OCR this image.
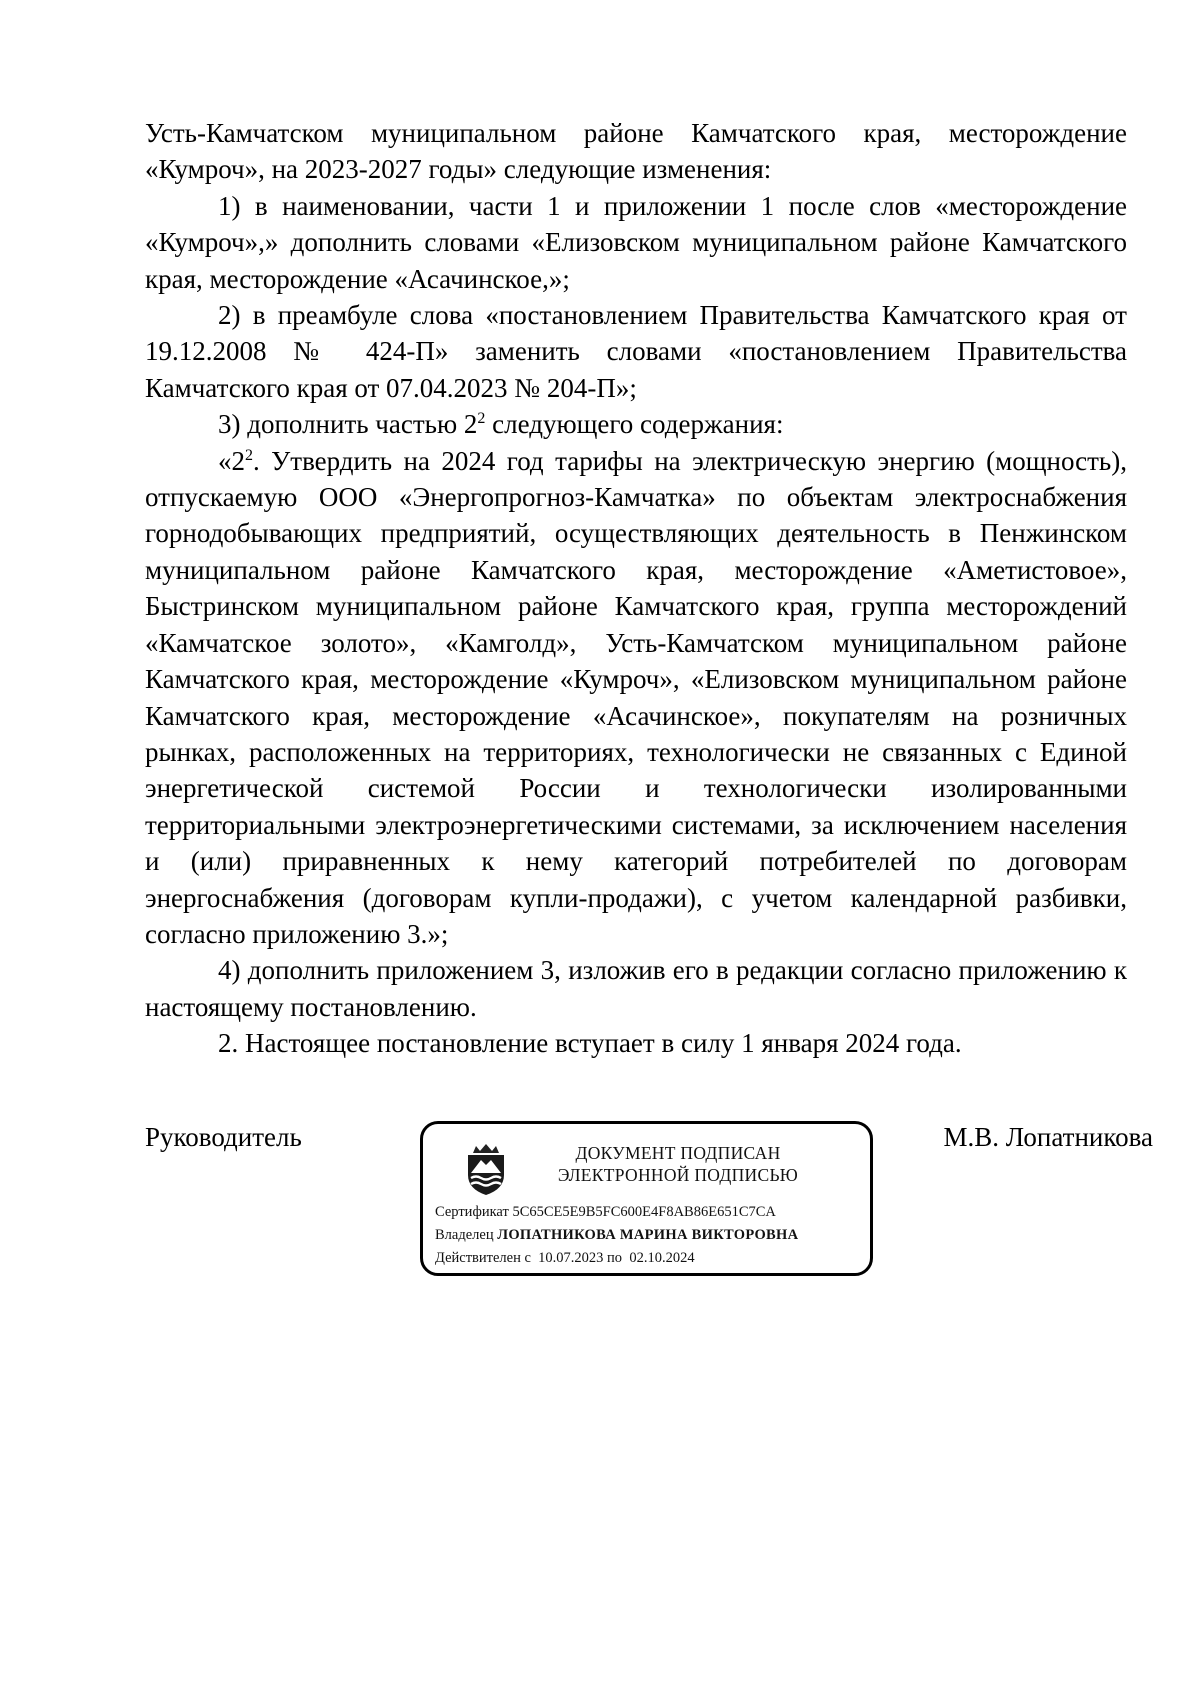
Усть-Камчатском муниципальном районе Камчатского края, месторождение «Кумроч», на 2023-2027 годы» следующие изменения:

1) в наименовании, части 1 и приложении 1 после слов «месторождение «Кумроч»,» дополнить словами «Елизовском муниципальном районе Камчатского края, месторождение «Асачинское,»;

2) в преамбуле слова «постановлением Правительства Камчатского края от 19.12.2008 № 424-П» заменить словами «постановлением Правительства Камчатского края от 07.04.2023 № 204-П»;

3) дополнить частью $2^2$ следующего содержания:

«$2^2$. Утвердить на 2024 год тарифы на электрическую энергию (мощность), отпускаемую ООО «Энергопрогноз-Камчатка» по объектам электроснабжения горнодобывающих предприятий, осуществляющих деятельность в Пенжинском муниципальном районе Камчатского края, месторождение «Аметистовое», Быстринском муниципальном районе Камчатского края, группа месторождений «Камчатское золото», «Камголд», Усть-Камчатском муниципальном районе Камчатского края, месторождение «Кумроч», «Елизовском муниципальном районе Камчатского края, месторождение «Асачинское», покупателям на розничных рынках, расположенных на территориях, технологически не связанных с Единой энергетической системой России и технологически изолированными территориальными электроэнергетическими системами, за исключением населения и (или) приравненных к нему категорий потребителей по договорам энергоснабжения (договорам купли-продажи), с учетом календарной разбивки, согласно приложению 3.»;

4) дополнить приложением 3, изложив его в редакции согласно приложению к настоящему постановлению.

2. Настоящее постановление вступает в силу 1 января 2024 года.

Руководитель
ДОКУМЕНТ ПОДПИСАН
ЭЛЕКТРОННОЙ ПОДПИСЬЮ
Сертификат 5C65CE5E9B5FC600E4F8AB86E651C7CA
Владелец ЛОПАТНИКОВА МАРИНА ВИКТОРОВНА
Действителен с 10.07.2023 по 02.10.2024
М.В. Лопатникова
